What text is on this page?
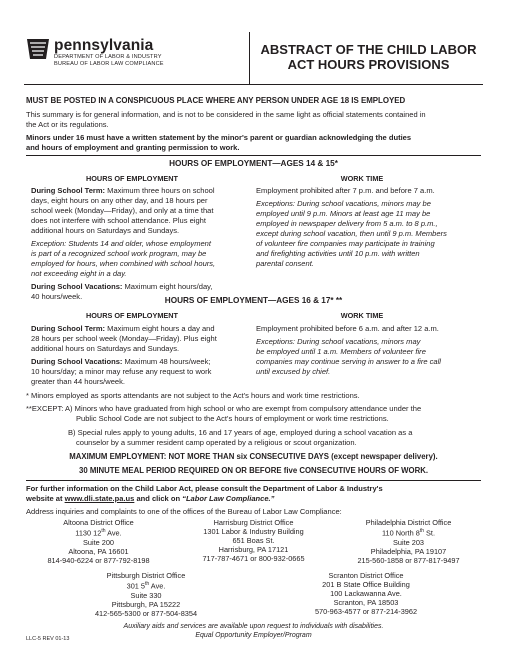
pennsylvania
DEPARTMENT OF LABOR & INDUSTRY
BUREAU OF LABOR LAW COMPLIANCE
ABSTRACT OF THE CHILD LABOR
ACT HOURS PROVISIONS
MUST BE POSTED IN A CONSPICUOUS PLACE WHERE ANY PERSON UNDER AGE 18 IS EMPLOYED
This summary is for general information, and is not to be considered in the same light as official statements contained in
the Act or its regulations.
Minors under 16 must have a written statement by the minor's parent or guardian acknowledging the duties
and hours of employment and granting permission to work.
HOURS OF EMPLOYMENT—AGES 14 & 15*
HOURS OF EMPLOYMENT	WORK TIME
During School Term: Maximum three hours on school
days, eight hours on any other day, and 18 hours per
school week (Monday—Friday), and only at a time that
does not interfere with school attendance. Plus eight
additional hours on Saturdays and Sundays.
Exception: Students 14 and older, whose employment
is part of a recognized school work program, may be
employed for hours, when combined with school hours,
not exceeding eight in a day.
During School Vacations: Maximum eight hours/day,
40 hours/week.
Employment prohibited after 7 p.m. and before 7 a.m.
Exceptions: During school vacations, minors may be
employed until 9 p.m. Minors at least age 11 may be
employed in newspaper delivery from 5 a.m. to 8 p.m.,
except during school vacation, then until 9 p.m. Members
of volunteer fire companies may participate in training
and firefighting activities until 10 p.m. with written
parental consent.
HOURS OF EMPLOYMENT—AGES 16 & 17* **
HOURS OF EMPLOYMENT	WORK TIME
During School Term: Maximum eight hours a day and
28 hours per school week (Monday—Friday). Plus eight
additional hours on Saturdays and Sundays.
During School Vacations: Maximum 48 hours/week;
10 hours/day; a minor may refuse any request to work
greater than 44 hours/week.
Employment prohibited before 6 a.m. and after 12 a.m.
Exceptions: During school vacations, minors may
be employed until 1 a.m. Members of volunteer fire
companies may continue serving in answer to a fire call
until excused by chief.
* Minors employed as sports attendants are not subject to the Act's hours and work time restrictions.
**EXCEPT: A) Minors who have graduated from high school or who are exempt from compulsory attendance under the
Public School Code are not subject to the Act's hours of employment or work time restrictions.
B) Special rules apply to young adults, 16 and 17 years of age, employed during a school vacation as a
counselor by a summer resident camp operated by a religious or scout organization.
MAXIMUM EMPLOYMENT: NOT MORE THAN six CONSECUTIVE DAYS (except newspaper delivery).
30 MINUTE MEAL PERIOD REQUIRED ON OR BEFORE five CONSECUTIVE HOURS OF WORK.
For further information on the Child Labor Act, please consult the Department of Labor & Industry's
website at www.dli.state.pa.us and click on “Labor Law Compliance.”
Address inquiries and complaints to one of the offices of the Bureau of Labor Law Compliance:
Altoona District Office
1130 12th Ave.
Suite 200
Altoona, PA 16601
814-940-6224 or 877-792-8198
Harrisburg District Office
1301 Labor & Industry Building
651 Boas St.
Harrisburg, PA 17121
717-787-4671 or 800-932-0665
Philadelphia District Office
110 North 8th St.
Suite 203
Philadelphia, PA 19107
215-560-1858 or 877-817-9497
Pittsburgh District Office
301 5th Ave.
Suite 330
Pittsburgh, PA 15222
412-565-5300 or 877-504-8354
Scranton District Office
201 B State Office Building
100 Lackawanna Ave.
Scranton, PA 18503
570-963-4577 or 877-214-3962
Auxiliary aids and services are available upon request to individuals with disabilities.
Equal Opportunity Employer/Program
LLC-5 REV 01-13
